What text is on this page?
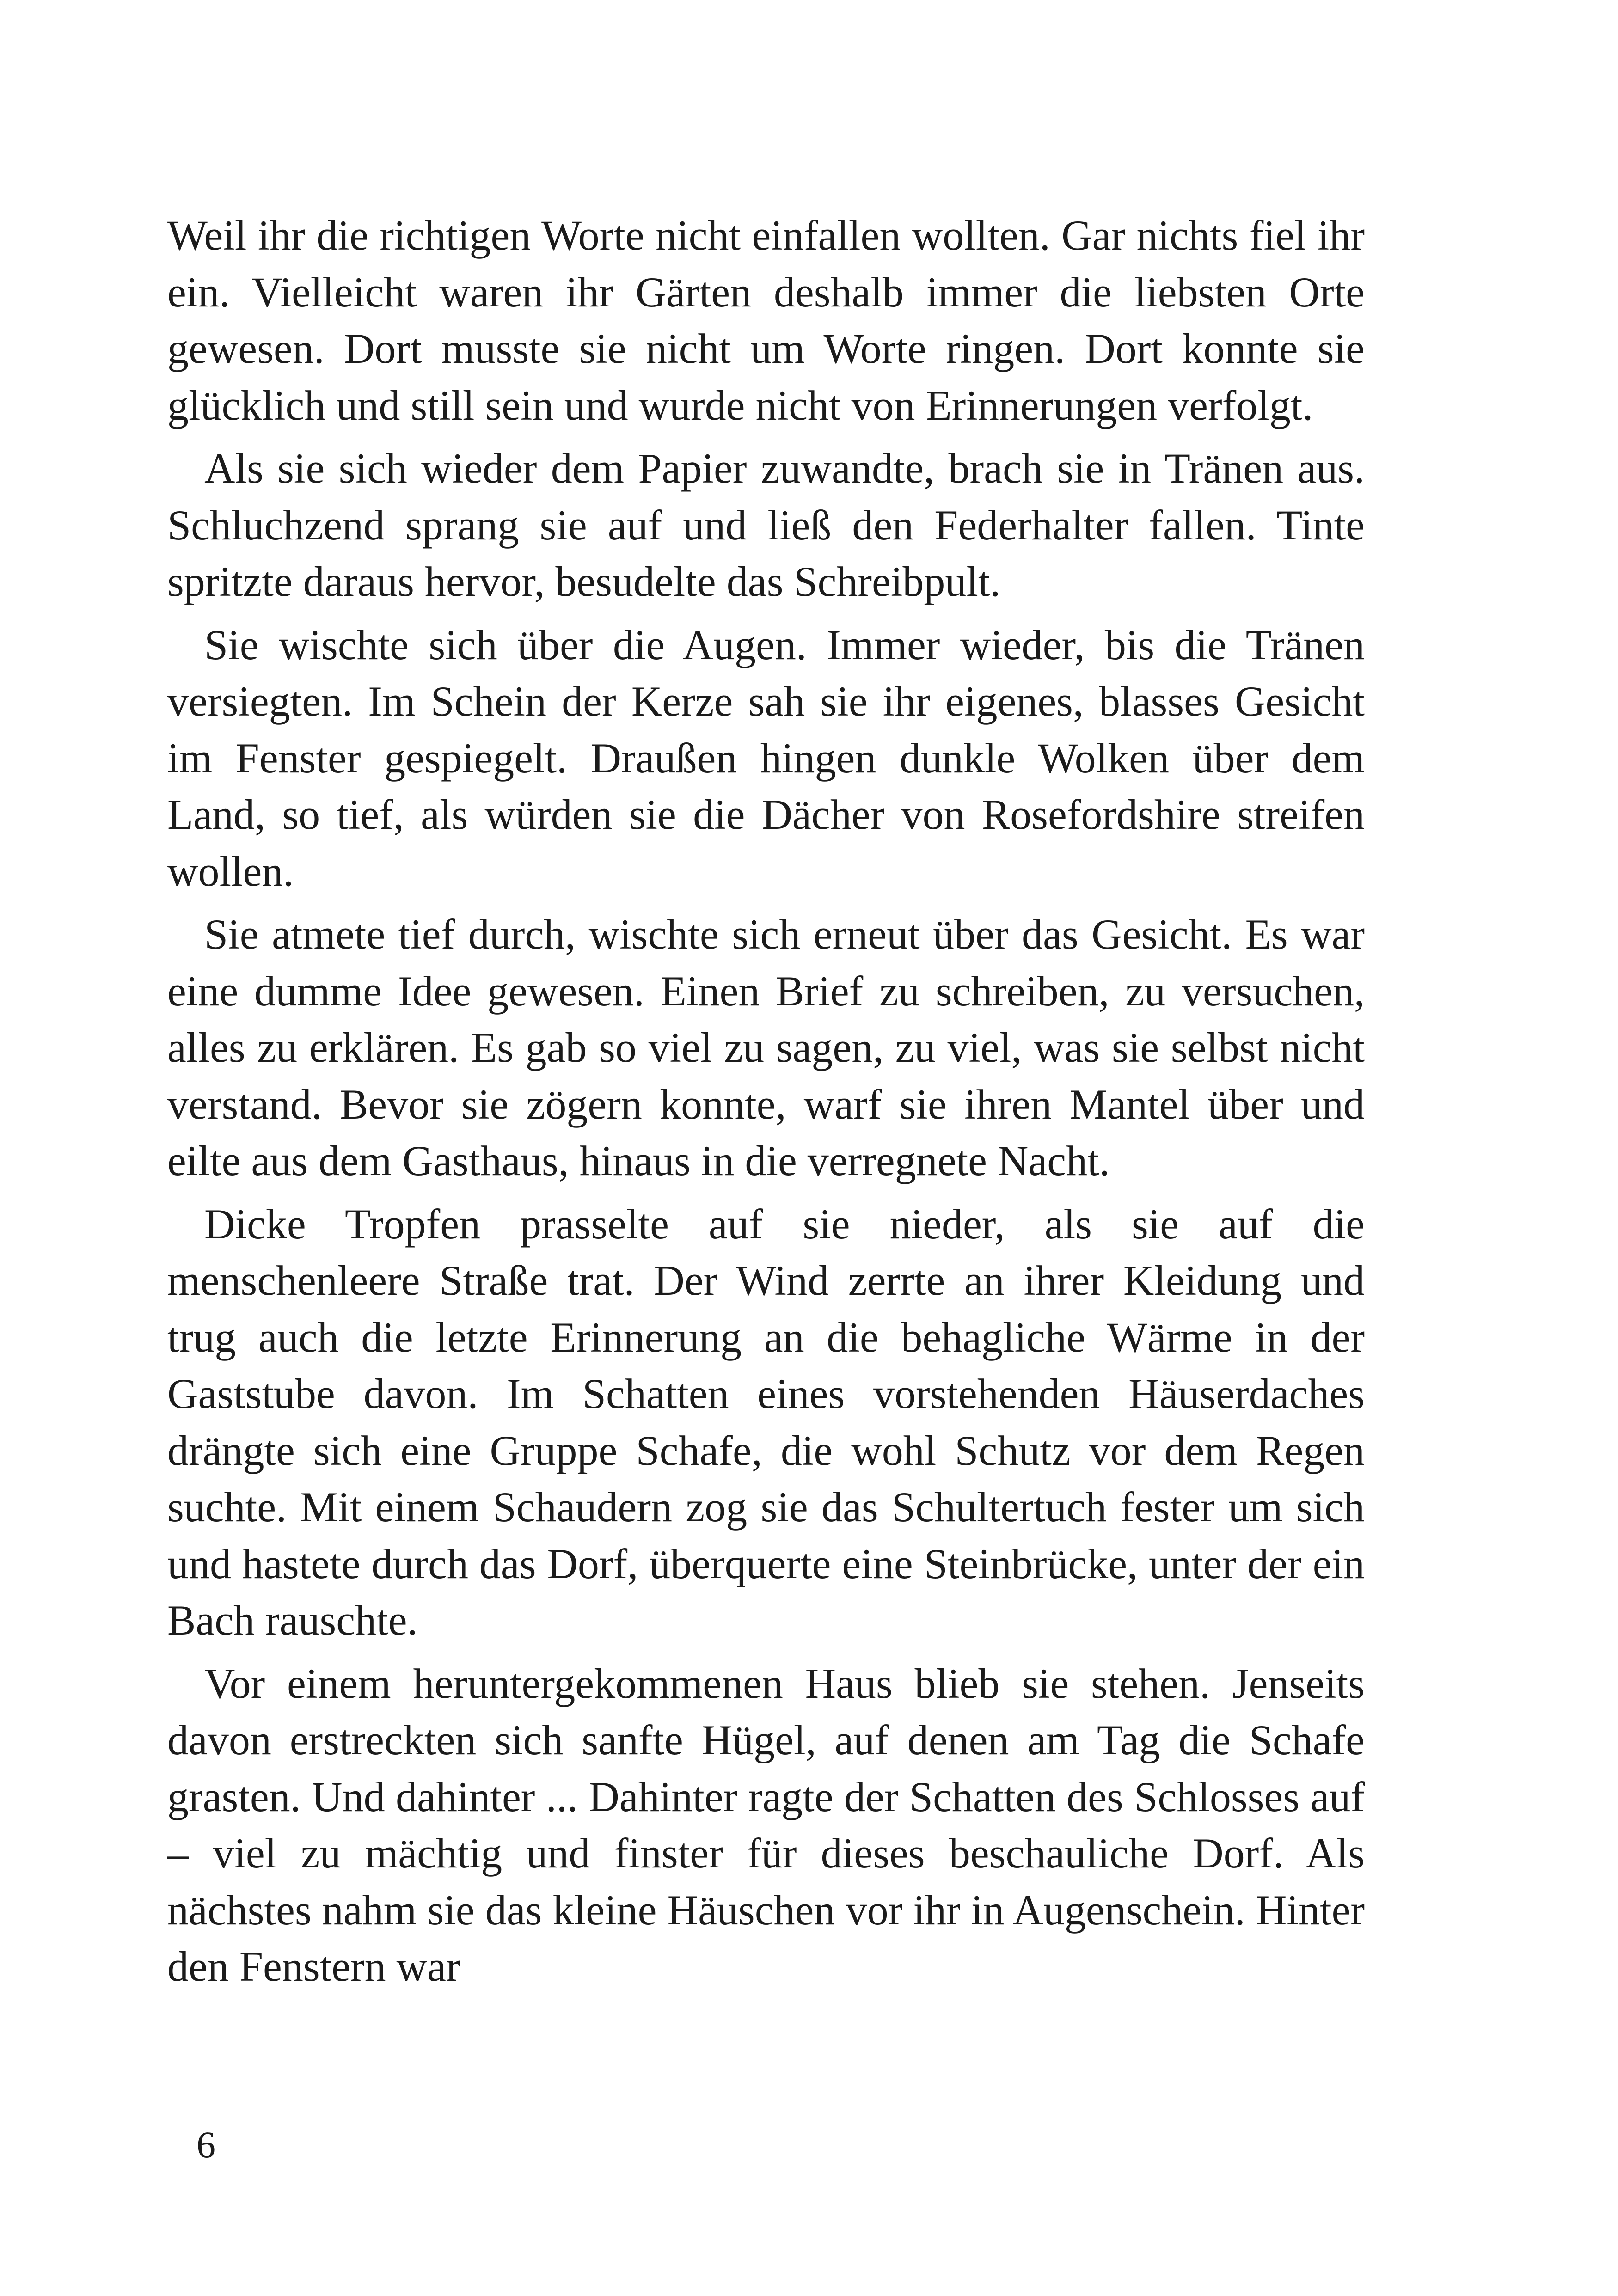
Weil ihr die richtigen Worte nicht einfallen wollten. Gar nichts fiel ihr ein. Vielleicht waren ihr Gärten deshalb immer die liebsten Orte gewesen. Dort musste sie nicht um Worte ringen. Dort konnte sie glücklich und still sein und wurde nicht von Erinnerungen verfolgt.

Als sie sich wieder dem Papier zuwandte, brach sie in Tränen aus. Schluchzend sprang sie auf und ließ den Federhalter fallen. Tinte spritzte daraus hervor, besudelte das Schreibpult.

Sie wischte sich über die Augen. Immer wieder, bis die Tränen versiegten. Im Schein der Kerze sah sie ihr eigenes, blasses Gesicht im Fenster gespiegelt. Draußen hingen dunkle Wolken über dem Land, so tief, als würden sie die Dächer von Rosefordshire streifen wollen.

Sie atmete tief durch, wischte sich erneut über das Gesicht. Es war eine dumme Idee gewesen. Einen Brief zu schreiben, zu versuchen, alles zu erklären. Es gab so viel zu sagen, zu viel, was sie selbst nicht verstand. Bevor sie zögern konnte, warf sie ihren Mantel über und eilte aus dem Gasthaus, hinaus in die verregnete Nacht.

Dicke Tropfen prasselte auf sie nieder, als sie auf die menschenleere Straße trat. Der Wind zerrte an ihrer Kleidung und trug auch die letzte Erinnerung an die behagliche Wärme in der Gaststube davon. Im Schatten eines vorstehenden Häuserdaches drängte sich eine Gruppe Schafe, die wohl Schutz vor dem Regen suchte. Mit einem Schaudern zog sie das Schultertuch fester um sich und hastete durch das Dorf, überquerte eine Steinbrücke, unter der ein Bach rauschte.

Vor einem heruntergekommenen Haus blieb sie stehen. Jenseits davon erstreckten sich sanfte Hügel, auf denen am Tag die Schafe grasten. Und dahinter ... Dahinter ragte der Schatten des Schlosses auf – viel zu mächtig und finster für dieses beschauliche Dorf. Als nächstes nahm sie das kleine Häuschen vor ihr in Augenschein. Hinter den Fenstern war

6
